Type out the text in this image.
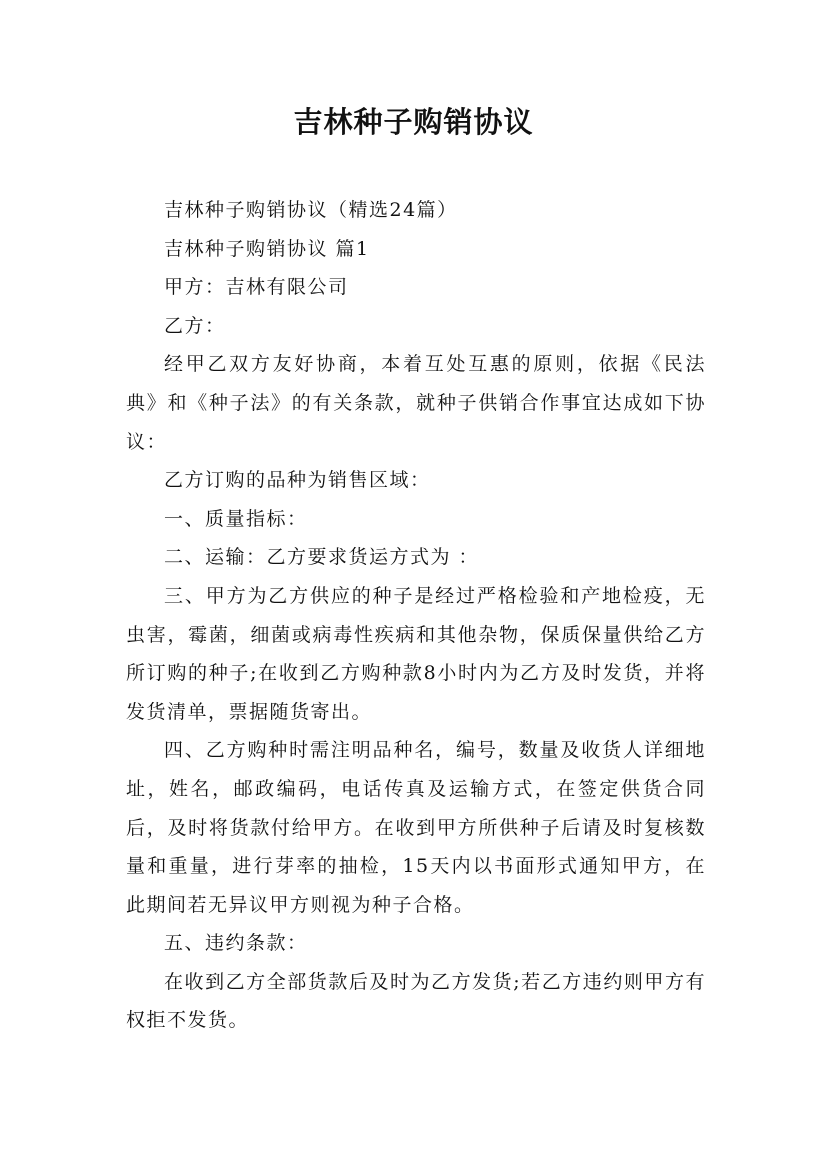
吉林种子购销协议

吉林种子购销协议（精选24篇）

吉林种子购销协议 篇1

甲方：吉林有限公司

乙方：

经甲乙双方友好协商，本着互处互惠的原则，依据《民法典》和《种子法》的有关条款，就种子供销合作事宜达成如下协议：

乙方订购的品种为销售区域：

一、质量指标：

二、运输：乙方要求货运方式为 ：

三、甲方为乙方供应的种子是经过严格检验和产地检疫，无虫害，霉菌，细菌或病毒性疾病和其他杂物，保质保量供给乙方所订购的种子;在收到乙方购种款8小时内为乙方及时发货，并将发货清单，票据随货寄出。

四、乙方购种时需注明品种名，编号，数量及收货人详细地址，姓名，邮政编码，电话传真及运输方式，在签定供货合同后，及时将货款付给甲方。在收到甲方所供种子后请及时复核数量和重量，进行芽率的抽检，15天内以书面形式通知甲方，在此期间若无异议甲方则视为种子合格。

五、违约条款：

在收到乙方全部货款后及时为乙方发货;若乙方违约则甲方有权拒不发货。
